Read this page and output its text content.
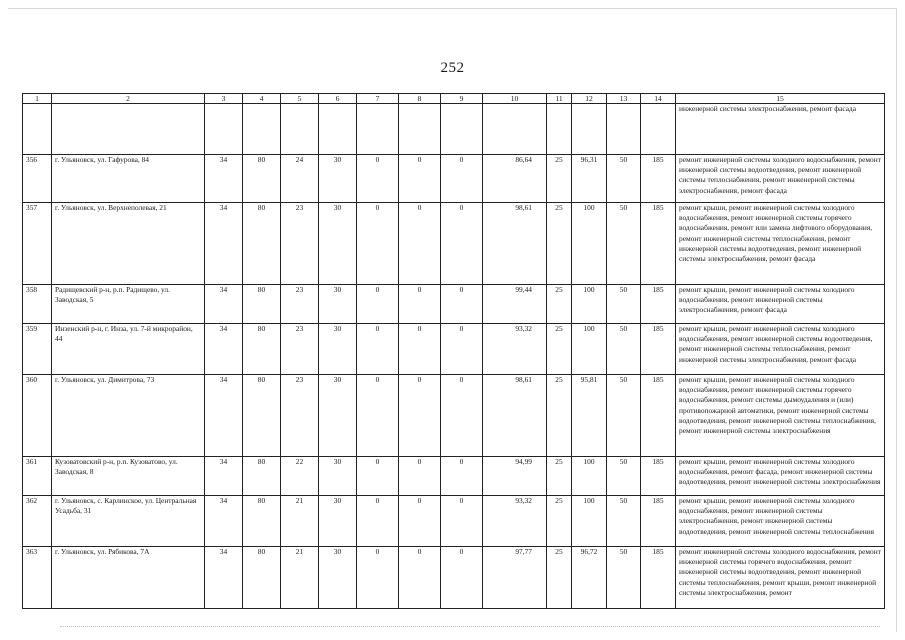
252
1	2	3	4	5	6	7	8	9	10	11	12	13	14	15
														инженерной системы электроснабжения, ремонт фасада
356	г. Ульяновск, ул. Гафурова, 84	34	80	24	30	0	0	0	86,64	25	96,31	50	185	ремонт инженерной системы холодного водоснабжения, ремонт инженерной системы водоотведения, ремонт инженерной системы теплоснабжения, ремонт инженерной системы электроснабжения, ремонт фасада
357	г. Ульяновск, ул. Верхнеполевая, 21	34	80	23	30	0	0	0	98,61	25	100	50	185	ремонт крыши, ремонт инженерной системы холодного водоснабжения, ремонт инженерной системы горячего водоснабжения, ремонт или замена лифтового оборудования, ремонт инженерной системы теплоснабжения, ремонт инженерной системы водоотведения, ремонт инженерной системы электроснабжения, ремонт фасада
358	Радищевский р-н, р.п. Радищево, ул. Заводская, 5	34	80	23	30	0	0	0	99,44	25	100	50	185	ремонт крыши, ремонт инженерной системы холодного водоснабжения, ремонт инженерной системы электроснабжения, ремонт фасада
359	Инзенский р-н, г. Инза, ул. 7-й микрорайон, 44	34	80	23	30	0	0	0	93,32	25	100	50	185	ремонт крыши, ремонт инженерной системы холодного водоснабжения, ремонт инженерной системы водоотведения, ремонт инженерной системы теплоснабжения, ремонт инженерной системы электроснабжения, ремонт фасада
360	г. Ульяновск, ул. Димитрова, 73	34	80	23	30	0	0	0	98,61	25	95,81	50	185	ремонт крыши, ремонт инженерной системы холодного водоснабжения, ремонт инженерной системы горячего водоснабжения, ремонт системы дымоудаления и (или) противопожарной автоматики, ремонт инженерной системы водоотведения, ремонт инженерной системы теплоснабжения, ремонт инженерной системы электроснабжения
361	Кузоватовский р-н, р.п. Кузоватово, ул. Заводская, 8	34	80	22	30	0	0	0	94,99	25	100	50	185	ремонт крыши, ремонт инженерной системы холодного водоснабжения, ремонт фасада, ремонт инженерной системы водоотведения, ремонт инженерной системы электроснабжения
362	г. Ульяновск, с. Карлинское, ул. Центральная Усадьба, 31	34	80	21	30	0	0	0	93,32	25	100	50	185	ремонт крыши, ремонт инженерной системы холодного водоснабжения, ремонт инженерной системы электроснабжения, ремонт инженерной системы водоотведения, ремонт инженерной системы теплоснабжения
363	г. Ульяновск, ул. Рябикова, 7А	34	80	21	30	0	0	0	97,77	25	96,72	50	185	ремонт инженерной системы холодного водоснабжения, ремонт инженерной системы горячего водоснабжения, ремонт инженерной системы водоотведения, ремонт инженерной системы теплоснабжения, ремонт крыши, ремонт инженерной системы электроснабжения, ремонт
